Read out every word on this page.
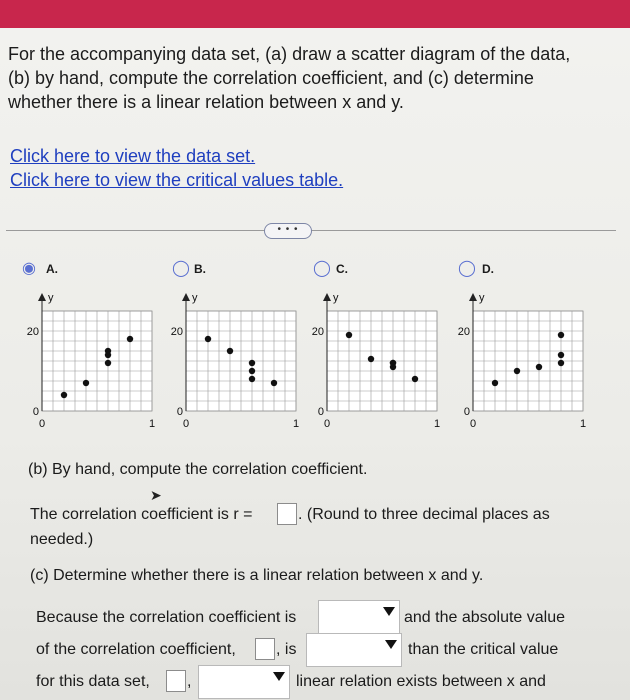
For the accompanying data set, (a) draw a scatter diagram of the data,
(b) by hand, compute the correlation coefficient, and (c) determine
whether there is a linear relation between x and y.
Click here to view the data set.
Click here to view the critical values table.
• • •
◉ A.	◯ B.	◯ C.	◯ D.
y
20
0
0	1
y
20
0
0	1
y
20
0
0	1
y
20
0
0	1
(b) By hand, compute the correlation coefficient.
➤
The correlation coefficient is r =	. (Round to three decimal places as
needed.)
(c) Determine whether there is a linear relation between x and y.
Because the correlation coefficient is	and the absolute value
of the correlation coefficient,	, is	than the critical value
for this data set, ,	linear relation exists between x and
